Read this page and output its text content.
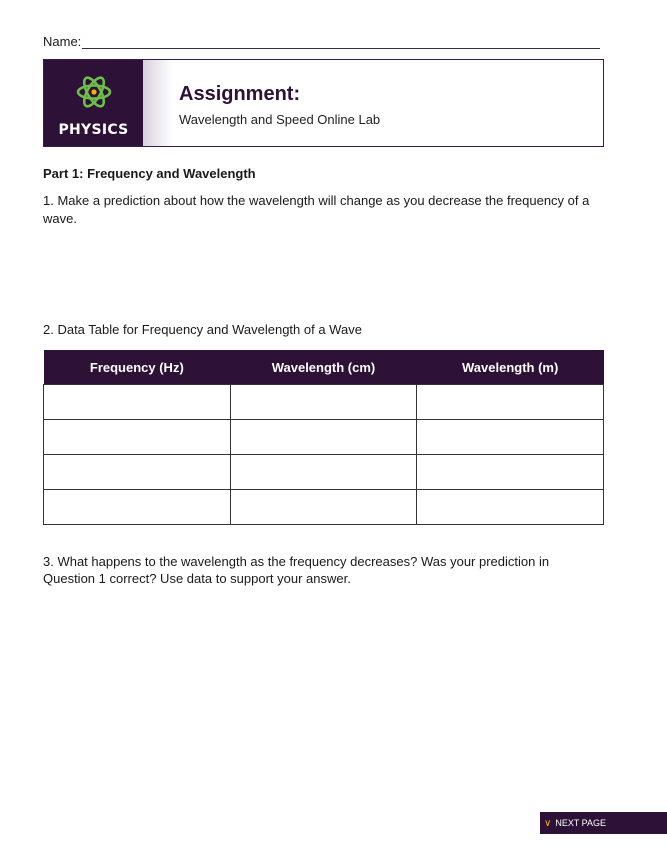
Name:
PHYSICS
Assignment:
Wavelength and Speed Online Lab
Part 1: Frequency and Wavelength
1. Make a prediction about how the wavelength will change as you decrease the frequency of a wave.
2. Data Table for Frequency and Wavelength of a Wave
Frequency (Hz)	Wavelength (cm)	Wavelength (m)

3. What happens to the wavelength as the frequency decreases? Was your prediction in Question 1 correct? Use data to support your answer.
∨ NEXT PAGE
